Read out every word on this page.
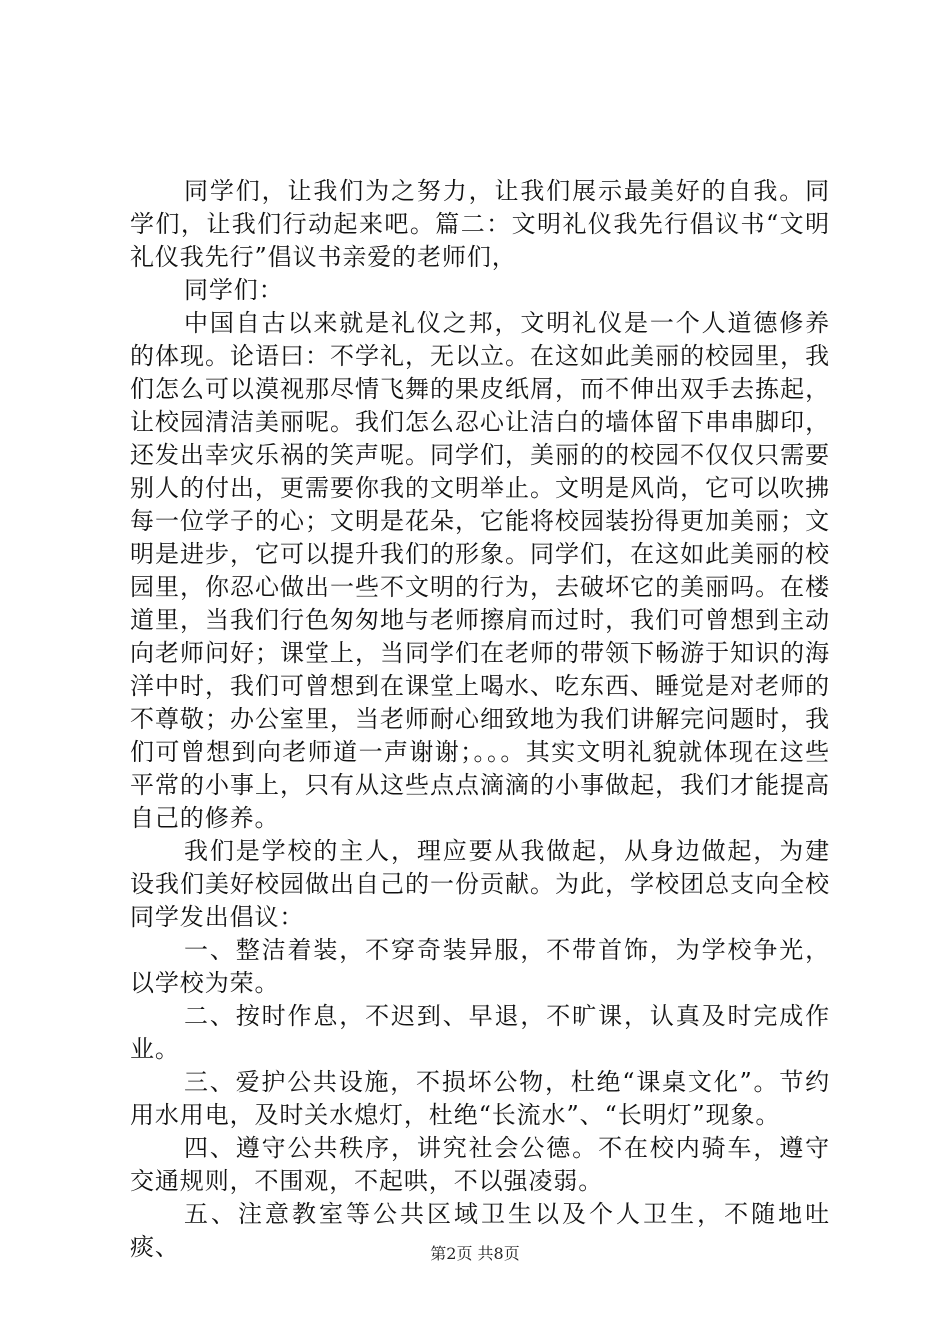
同学们，让我们为之努力，让我们展示最美好的自我。同学们，让我们行动起来吧。篇二：文明礼仪我先行倡议书“文明礼仪我先行”倡议书亲爱的老师们，

同学们：

中国自古以来就是礼仪之邦，文明礼仪是一个人道德修养的体现。论语曰：不学礼，无以立。在这如此美丽的校园里，我们怎么可以漠视那尽情飞舞的果皮纸屑，而不伸出双手去拣起，让校园清洁美丽呢。我们怎么忍心让洁白的墙体留下串串脚印，还发出幸灾乐祸的笑声呢。同学们，美丽的的校园不仅仅只需要别人的付出，更需要你我的文明举止。文明是风尚，它可以吹拂每一位学子的心；文明是花朵，它能将校园装扮得更加美丽；文明是进步，它可以提升我们的形象。同学们，在这如此美丽的校园里，你忍心做出一些不文明的行为，去破坏它的美丽吗。在楼道里，当我们行色匆匆地与老师擦肩而过时，我们可曾想到主动向老师问好；课堂上，当同学们在老师的带领下畅游于知识的海洋中时，我们可曾想到在课堂上喝水、吃东西、睡觉是对老师的不尊敬；办公室里，当老师耐心细致地为我们讲解完问题时，我们可曾想到向老师道一声谢谢；。。。其实文明礼貌就体现在这些平常的小事上，只有从这些点点滴滴的小事做起，我们才能提高自己的修养。

我们是学校的主人，理应要从我做起，从身边做起，为建设我们美好校园做出自己的一份贡献。为此，学校团总支向全校同学发出倡议：

一、整洁着装，不穿奇装异服，不带首饰，为学校争光，以学校为荣。

二、按时作息，不迟到、早退，不旷课，认真及时完成作业。

三、爱护公共设施，不损坏公物，杜绝“课桌文化”。节约用水用电，及时关水熄灯，杜绝“长流水”、“长明灯”现象。

四、遵守公共秩序，讲究社会公德。不在校内骑车，遵守交通规则，不围观，不起哄，不以强凌弱。

五、注意教室等公共区域卫生以及个人卫生，不随地吐痰、	第2页 共8页
